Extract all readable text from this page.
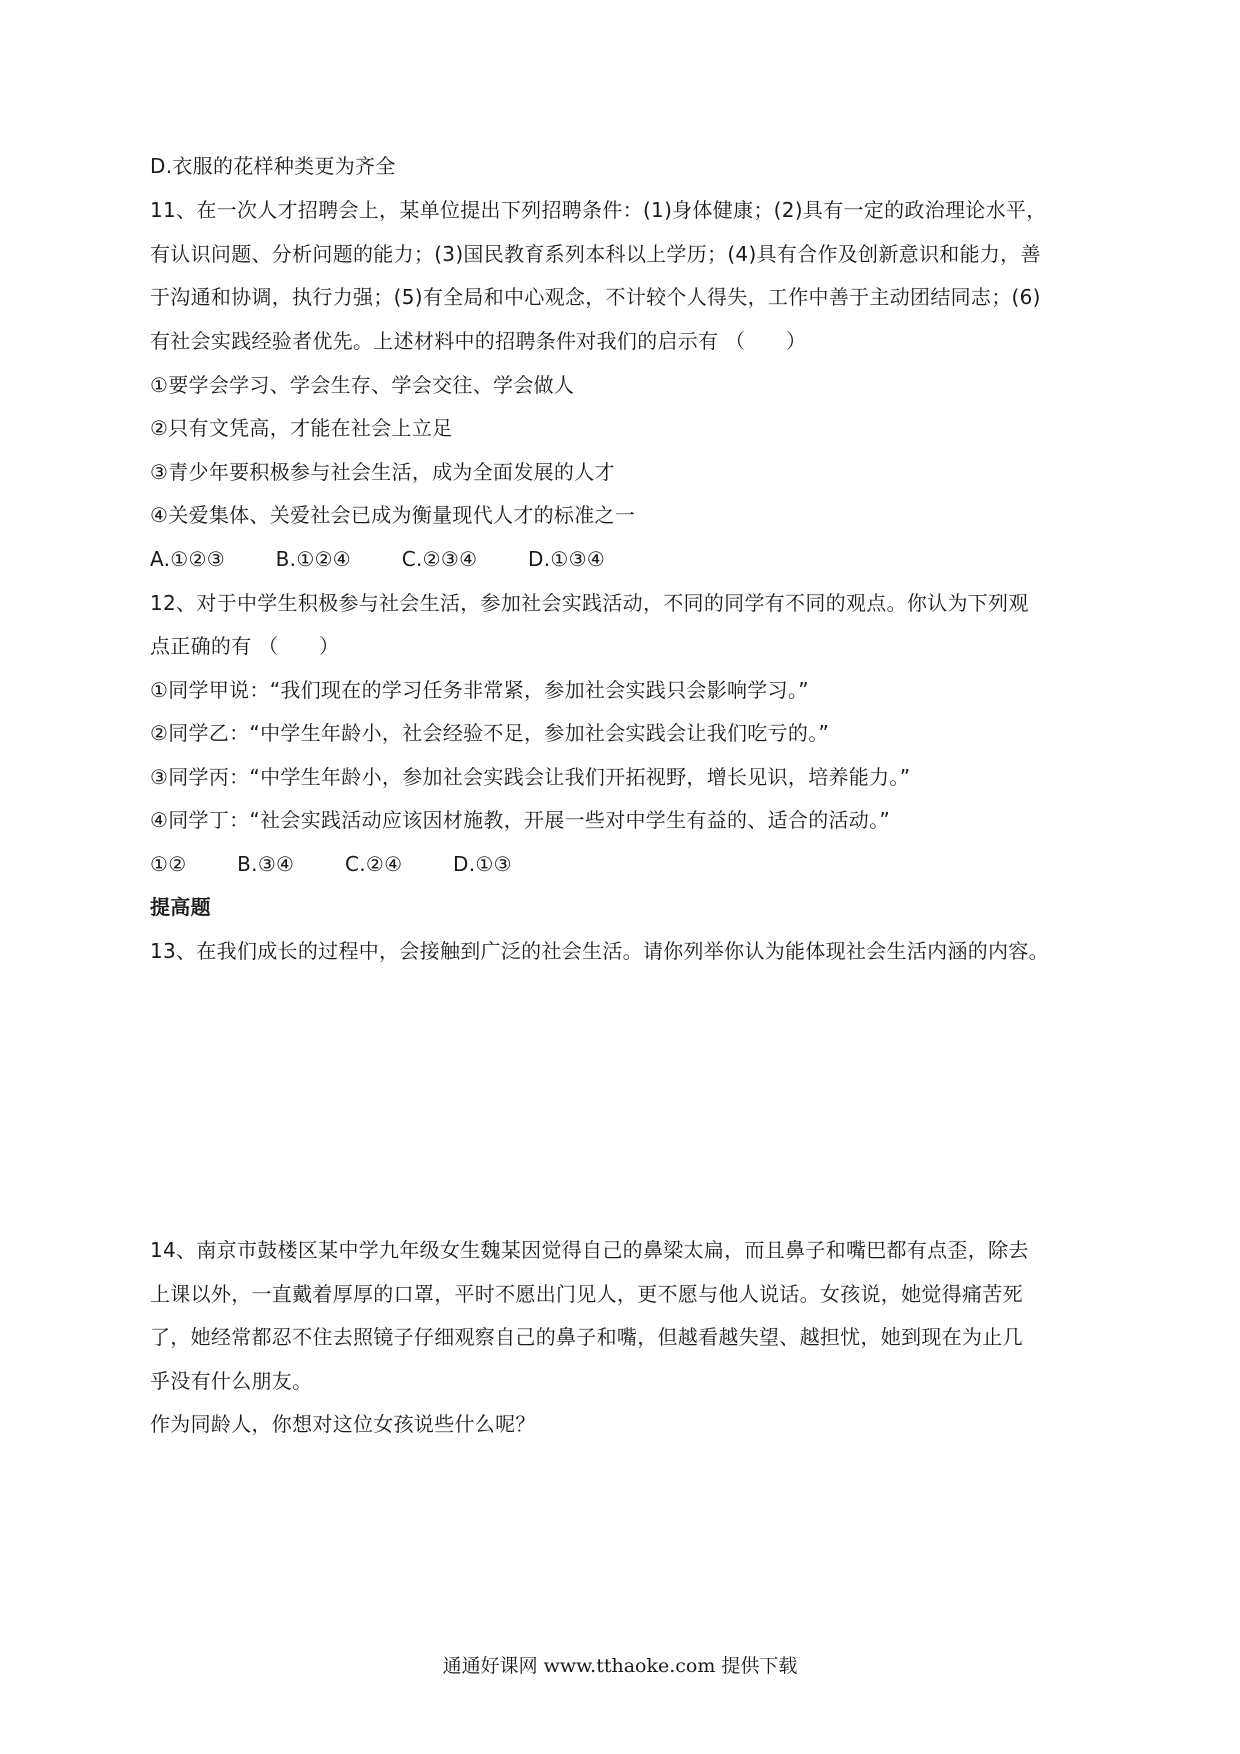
D.衣服的花样种类更为齐全
11、在一次人才招聘会上，某单位提出下列招聘条件：(1)身体健康；(2)具有一定的政治理论水平，
有认识问题、分析问题的能力；(3)国民教育系列本科以上学历；(4)具有合作及创新意识和能力，善
于沟通和协调，执行力强；(5)有全局和中心观念，不计较个人得失，工作中善于主动团结同志；(6)
有社会实践经验者优先。上述材料中的招聘条件对我们的启示有 （　　）
①要学会学习、学会生存、学会交往、学会做人
②只有文凭高，才能在社会上立足
③青少年要积极参与社会生活，成为全面发展的人才
④关爱集体、关爱社会已成为衡量现代人才的标准之一
A.①②③	B.①②④	C.②③④	D.①③④
12、对于中学生积极参与社会生活，参加社会实践活动，不同的同学有不同的观点。你认为下列观
点正确的有 （　　）
①同学甲说：“我们现在的学习任务非常紧，参加社会实践只会影响学习。”
②同学乙：“中学生年龄小，社会经验不足，参加社会实践会让我们吃亏的。”
③同学丙：“中学生年龄小，参加社会实践会让我们开拓视野，增长见识，培养能力。”
④同学丁：“社会实践活动应该因材施教，开展一些对中学生有益的、适合的活动。”
①②	B.③④	C.②④	D.①③
提高题
13、在我们成长的过程中，会接触到广泛的社会生活。请你列举你认为能体现社会生活内涵的内容。
14、南京市鼓楼区某中学九年级女生魏某因觉得自己的鼻梁太扁，而且鼻子和嘴巴都有点歪，除去
上课以外，一直戴着厚厚的口罩，平时不愿出门见人，更不愿与他人说话。女孩说，她觉得痛苦死
了，她经常都忍不住去照镜子仔细观察自己的鼻子和嘴，但越看越失望、越担忧，她到现在为止几
乎没有什么朋友。
作为同龄人，你想对这位女孩说些什么呢？
通通好课网 www.tthaoke.com 提供下载
